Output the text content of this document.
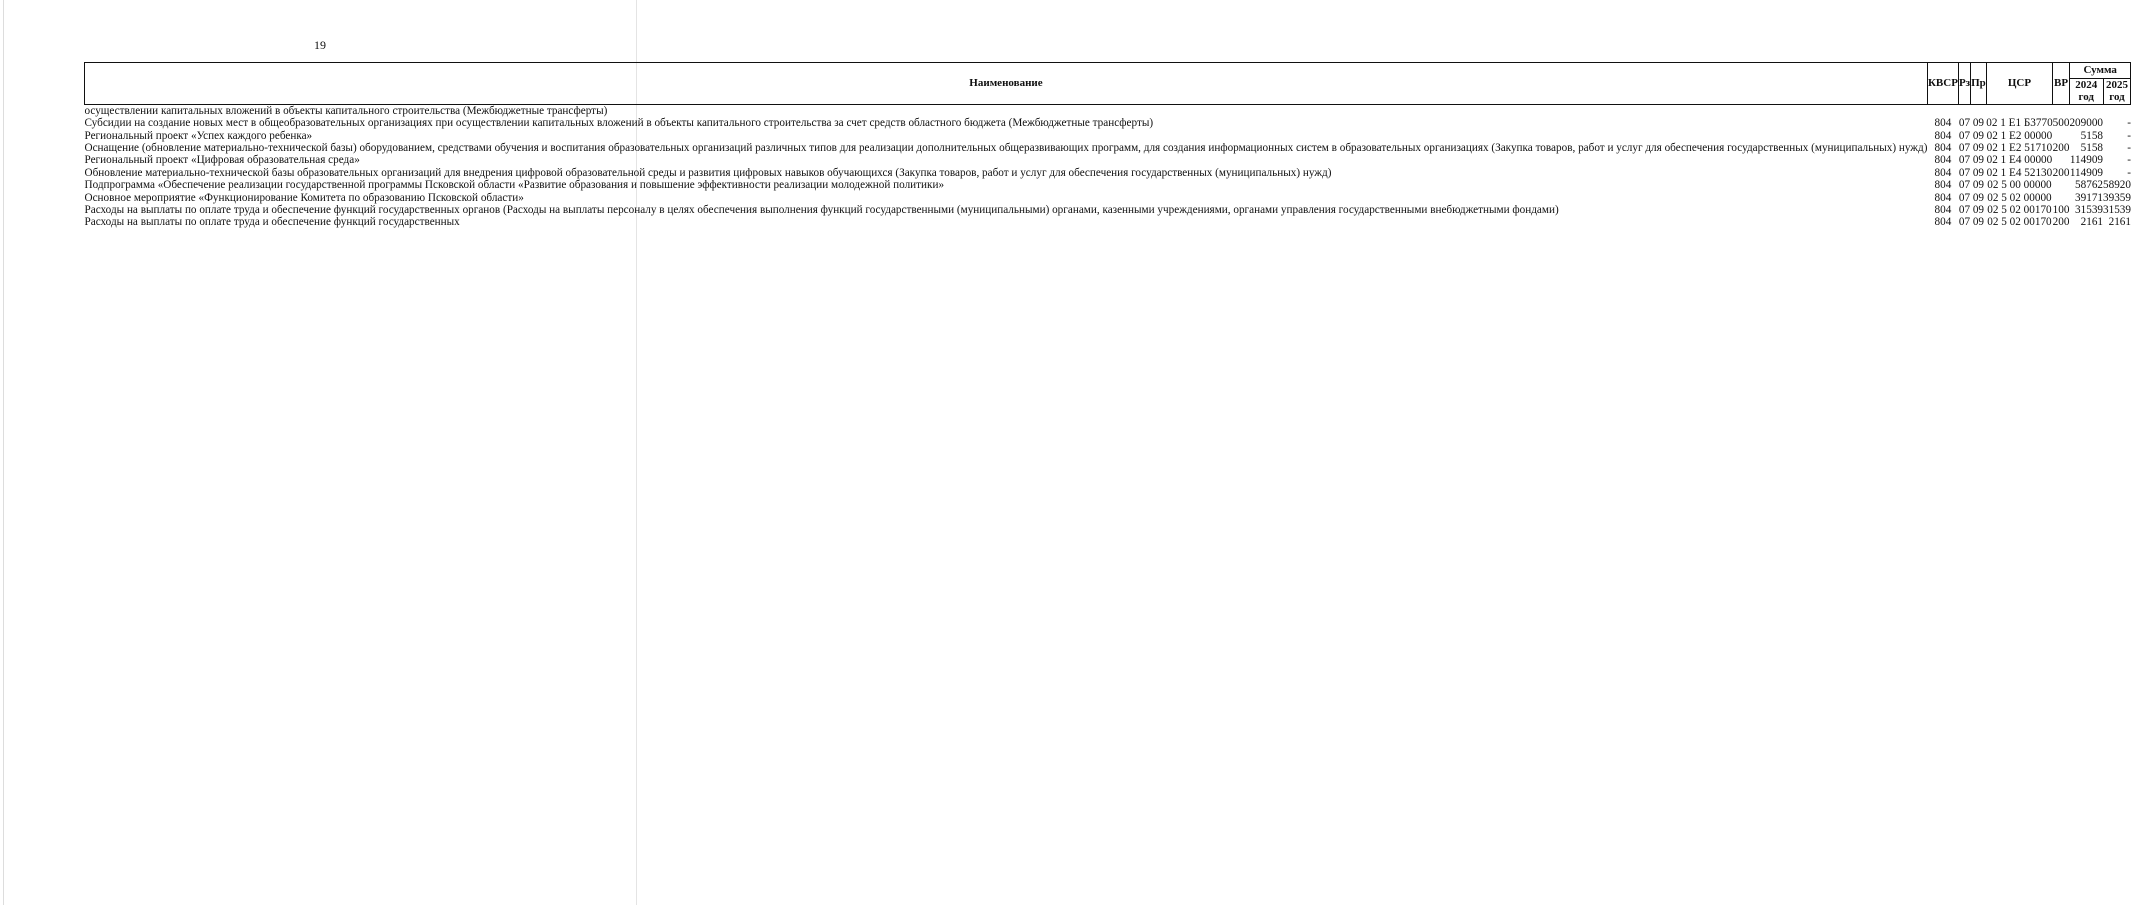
19
Наименование	КВСР	Рз	Пр	ЦСР	ВР	Сумма	
						2024 год	2025 год
осуществлении капитальных вложений в объекты капитального строительства (Межбюджетные трансферты)							
Субсидии на создание новых мест в общеобразовательных организациях при осуществлении капитальных вложений в объекты капитального строительства за счет средств областного бюджета (Межбюджетные трансферты)	804	07	09	02 1 E1 Б3770	500	209000	-
Региональный проект «Успех каждого ребенка»	804	07	09	02 1 E2 00000		5158	-
Оснащение (обновление материально-технической базы) оборудованием, средствами обучения и воспитания образовательных организаций различных типов для реализации дополнительных общеразвивающих программ, для создания информационных систем в образовательных организациях (Закупка товаров, работ и услуг для обеспечения государственных (муниципальных) нужд)	804	07	09	02 1 E2 51710	200	5158	-
Региональный проект «Цифровая образовательная среда»	804	07	09	02 1 E4 00000		114909	-
Обновление материально-технической базы образовательных организаций для внедрения цифровой образовательной среды и развития цифровых навыков обучающихся (Закупка товаров, работ и услуг для обеспечения государственных (муниципальных) нужд)	804	07	09	02 1 E4 52130	200	114909	-
Подпрограмма «Обеспечение реализации государственной программы Псковской области «Развитие образования и повышение эффективности реализации молодежной политики»	804	07	09	02 5 00 00000		58762	58920
Основное мероприятие «Функционирование Комитета по образованию Псковской области»	804	07	09	02 5 02 00000		39171	39359
Расходы на выплаты по оплате труда и обеспечение функций государственных органов (Расходы на выплаты персоналу в целях обеспечения выполнения функций государственными (муниципальными) органами, казенными учреждениями, органами управления государственными внебюджетными фондами)	804	07	09	02 5 02 00170	100	31539	31539
Расходы на выплаты по оплате труда и обеспечение функций государственных	804	07	09	02 5 02 00170	200	2161	2161
